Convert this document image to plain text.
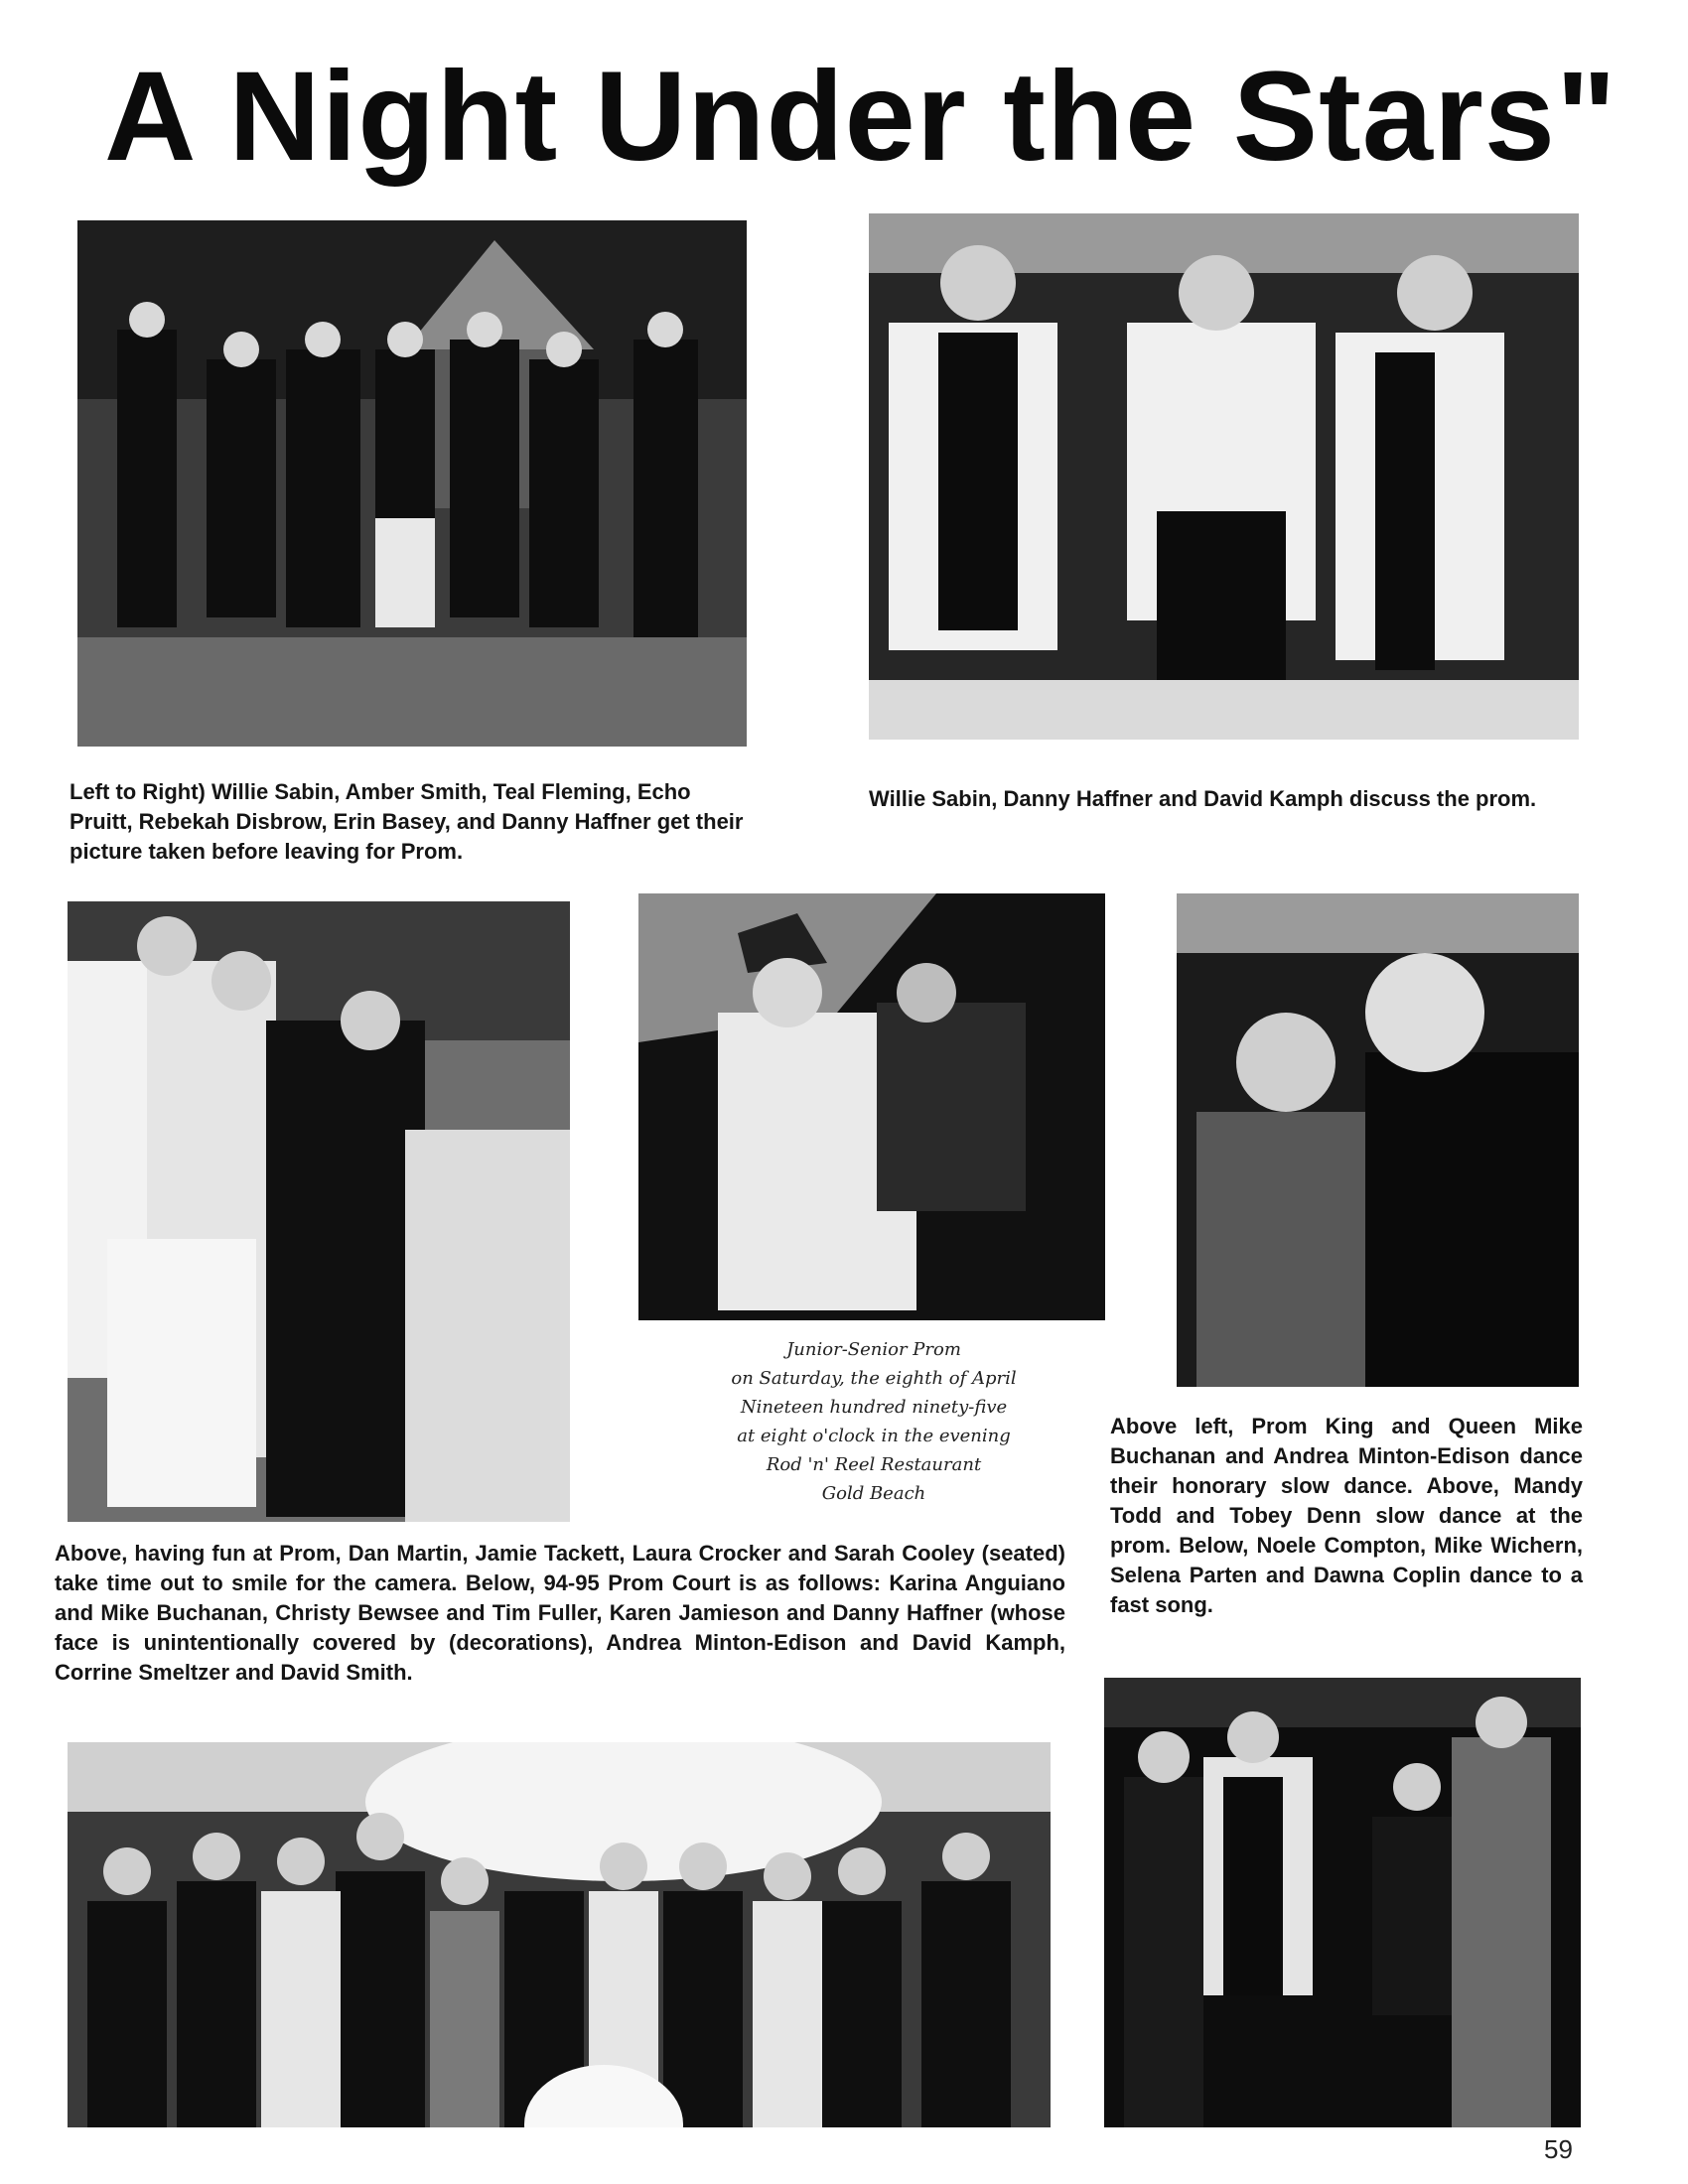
A Night Under the Stars"
Left to Right) Willie Sabin, Amber Smith, Teal Fleming, Echo Pruitt, Rebekah Disbrow, Erin Basey, and Danny Haffner get their picture taken before leaving for Prom.
Willie Sabin, Danny Haffner and David Kamph discuss the prom.
Junior-Senior Prom
on Saturday, the eighth of April
Nineteen hundred ninety-five
at eight o'clock in the evening
Rod 'n' Reel Restaurant
Gold Beach
Above left, Prom King and Queen Mike Buchanan and Andrea Minton-Edison dance their honorary slow dance. Above, Mandy Todd and Tobey Denn slow dance at the prom. Below, Noele Compton, Mike Wichern, Selena Parten and Dawna Coplin dance to a fast song.
Above, having fun at Prom, Dan Martin, Jamie Tackett, Laura Crocker and Sarah Cooley (seated) take time out to smile for the camera. Below, 94-95 Prom Court is as follows: Karina Anguiano and Mike Buchanan, Christy Bewsee and Tim Fuller, Karen Jamieson and Danny Haffner (whose face is unintentionally covered by (decorations), Andrea Minton-Edison and David Kamph, Corrine Smeltzer and David Smith.
59
